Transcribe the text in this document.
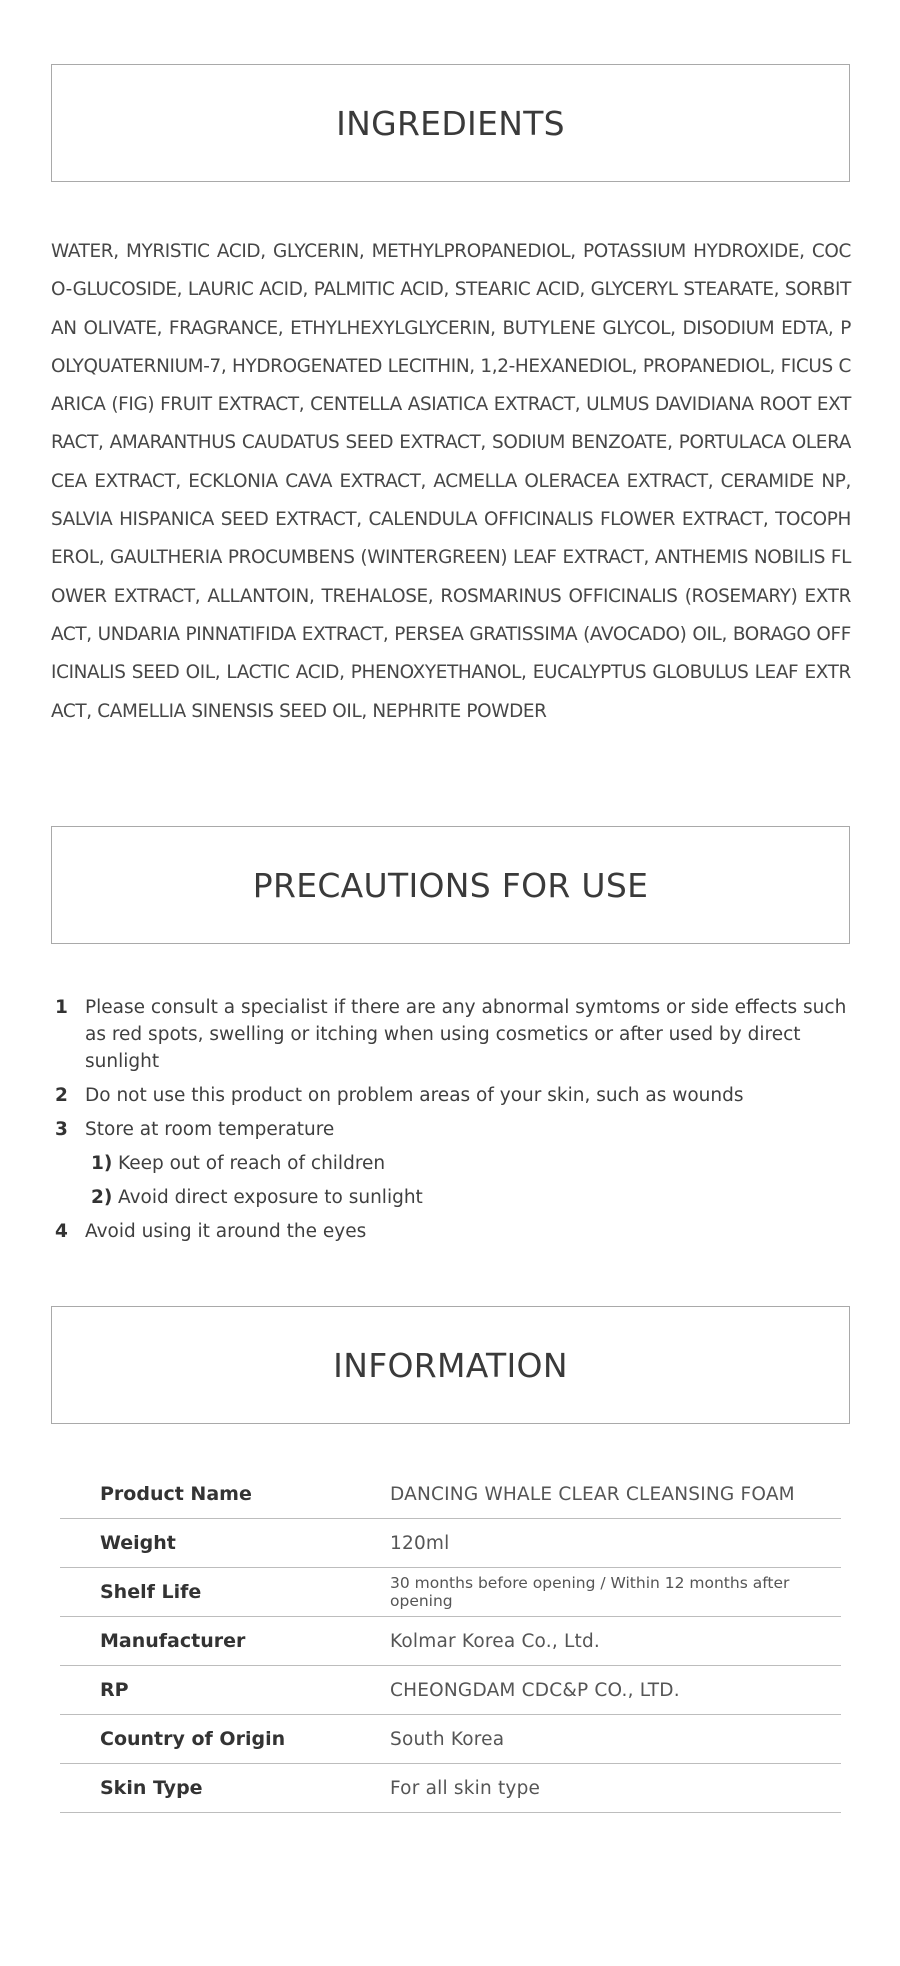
INGREDIENTS
WATER, MYRISTIC ACID, GLYCERIN, METHYLPROPANEDIOL, POTASSIUM HYDROXIDE, COCO-GLUCOSIDE, LAURIC ACID, PALMITIC ACID, STEARIC ACID, GLYCERYL STEARATE, SORBITAN OLIVATE, FRAGRANCE, ETHYLHEXYLGLYCERIN, BUTYLENE GLYCOL, DISODIUM EDTA, POLYQUATERNIUM-7, HYDROGENATED LECITHIN, 1,2-HEXANEDIOL, PROPANEDIOL, FICUS CARICA (FIG) FRUIT EXTRACT, CENTELLA ASIATICA EXTRACT, ULMUS DAVIDIANA ROOT EXTRACT, AMARANTHUS CAUDATUS SEED EXTRACT, SODIUM BENZOATE, PORTULACA OLERACEA EXTRACT, ECKLONIA CAVA EXTRACT, ACMELLA OLERACEA EXTRACT, CERAMIDE NP, SALVIA HISPANICA SEED EXTRACT, CALENDULA OFFICINALIS FLOWER EXTRACT, TOCOPHEROL, GAULTHERIA PROCUMBENS (WINTERGREEN) LEAF EXTRACT, ANTHEMIS NOBILIS FLOWER EXTRACT, ALLANTOIN, TREHALOSE, ROSMARINUS OFFICINALIS (ROSEMARY) EXTRACT, UNDARIA PINNATIFIDA EXTRACT, PERSEA GRATISSIMA (AVOCADO) OIL, BORAGO OFFICINALIS SEED OIL, LACTIC ACID, PHENOXYETHANOL, EUCALYPTUS GLOBULUS LEAF EXTRACT, CAMELLIA SINENSIS SEED OIL, NEPHRITE POWDER
PRECAUTIONS FOR USE
1 Please consult a specialist if there are any abnormal symtoms or side effects such as red spots, swelling or itching when using cosmetics or after used by direct sunlight
2 Do not use this product on problem areas of your skin, such as wounds
3 Store at room temperature
1) Keep out of reach of children
2) Avoid direct exposure to sunlight
4 Avoid using it around the eyes
INFORMATION
Product Name	DANCING WHALE CLEAR CLEANSING FOAM
Weight	120ml
Shelf Life	30 months before opening / Within 12 months after opening
Manufacturer	Kolmar Korea Co., Ltd.
RP	CHEONGDAM CDC&P CO., LTD.
Country of Origin	South Korea
Skin Type	For all skin type
